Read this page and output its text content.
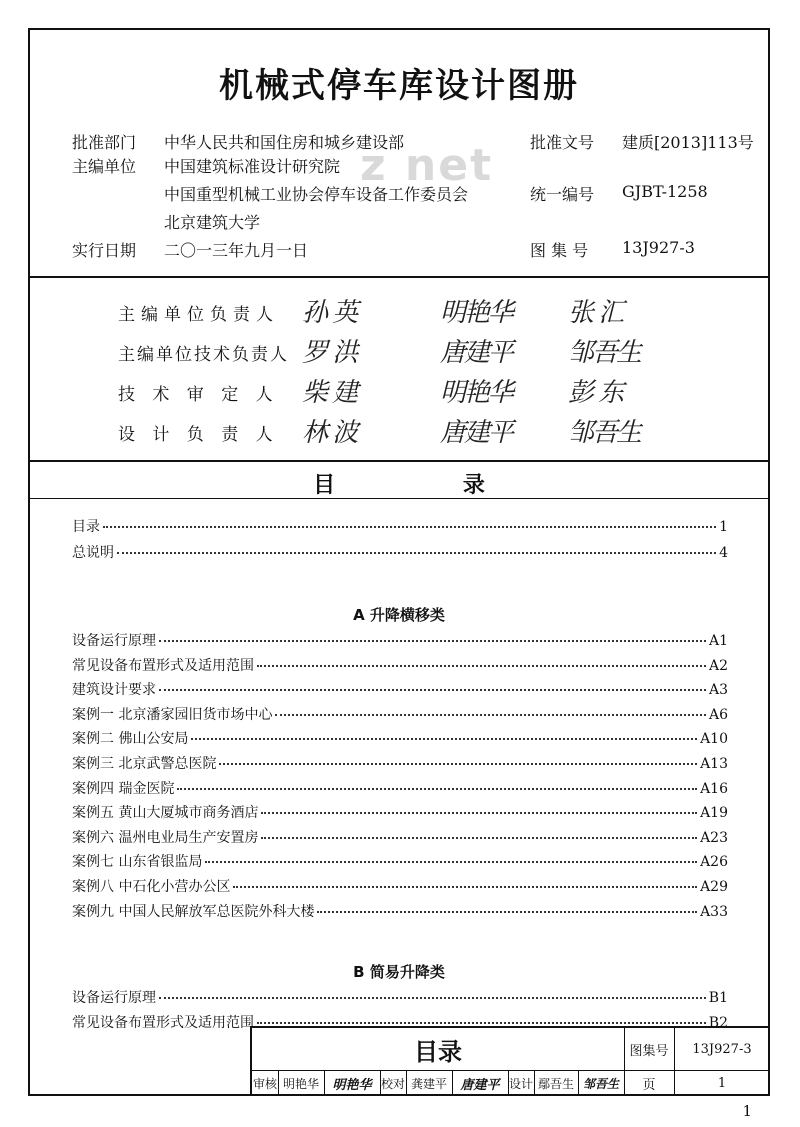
z net
机械式停车库设计图册
批准部门 中华人民共和国住房和城乡建设部	批准文号 建质[2013]113号
主编单位 中国建筑标准设计研究院
中国重型机械工业协会停车设备工作委员会	统一编号 GJBT-1258
北京建筑大学
实行日期 二〇一三年九月一日	图 集 号 13J927-3
主编单位负责人 孙 英	明艳华 张 汇
主编单位技术负责人 罗 洪	唐建平 邹吾生
技 术 审 定 人 柴 建	明艳华 彭 东
设 计 负 责 人 林 波	唐建平 邹吾生
目 录
目录	1
总说明	4
A 升降横移类
设备运行原理	A1
常见设备布置形式及适用范围	A2
建筑设计要求	A3
案例一 北京潘家园旧货市场中心	A6
案例二 佛山公安局	A10
案例三 北京武警总医院	A13
案例四 瑞金医院	A16
案例五 黄山大厦城市商务酒店	A19
案例六 温州电业局生产安置房	A23
案例七 山东省银监局	A26
案例八 中石化小营办公区	A29
案例九 中国人民解放军总医院外科大楼	A33
B 简易升降类
设备运行原理	B1
常见设备布置形式及适用范围	B2
目录	图集号	13J927-3
审核 明艳华	明艳华 校对 龚建平	唐建平 设计 鄢吾生 邹吾生	页	1
1
